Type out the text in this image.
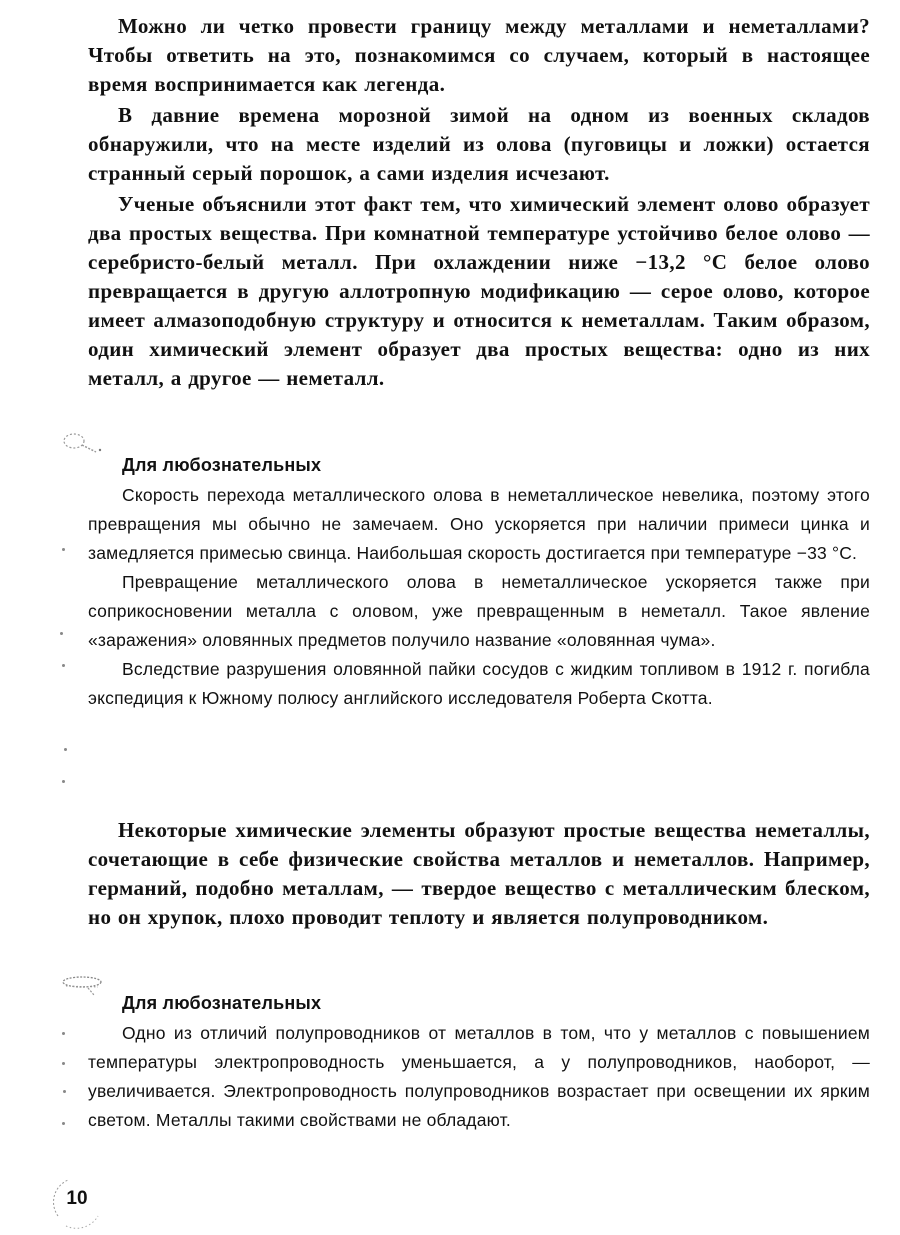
Можно ли четко провести границу между металлами и неметаллами? Чтобы ответить на это, познакомимся со случаем, который в настоящее время воспринимается как легенда.

В давние времена морозной зимой на одном из военных складов обнаружили, что на месте изделий из олова (пуговицы и ложки) остается странный серый порошок, а сами изделия исчезают.

Ученые объяснили этот факт тем, что химический элемент олово образует два простых вещества. При комнатной температуре устойчиво белое олово — серебристо-белый металл. При охлаждении ниже −13,2 °С белое олово превращается в другую аллотропную модификацию — серое олово, которое имеет алмазоподобную структуру и относится к неметаллам. Таким образом, один химический элемент образует два простых вещества: одно из них металл, а другое — неметалл.

Для любознательных

Скорость перехода металлического олова в неметаллическое невелика, поэтому этого превращения мы обычно не замечаем. Оно ускоряется при наличии примеси цинка и замедляется примесью свинца. Наибольшая скорость достигается при температуре −33 °С.

Превращение металлического олова в неметаллическое ускоряется также при соприкосновении металла с оловом, уже превращенным в неметалл. Такое явление «заражения» оловянных предметов получило название «оловянная чума».

Вследствие разрушения оловянной пайки сосудов с жидким топливом в 1912 г. погибла экспедиция к Южному полюсу английского исследователя Роберта Скотта.

Некоторые химические элементы образуют простые вещества неметаллы, сочетающие в себе физические свойства металлов и неметаллов. Например, германий, подобно металлам, — твердое вещество с металлическим блеском, но он хрупок, плохо проводит теплоту и является полупроводником.

Для любознательных

Одно из отличий полупроводников от металлов в том, что у металлов с повышением температуры электропроводность уменьшается, а у полупроводников, наоборот, — увеличивается. Электропроводность полупроводников возрастает при освещении их ярким светом. Металлы такими свойствами не обладают.

10
